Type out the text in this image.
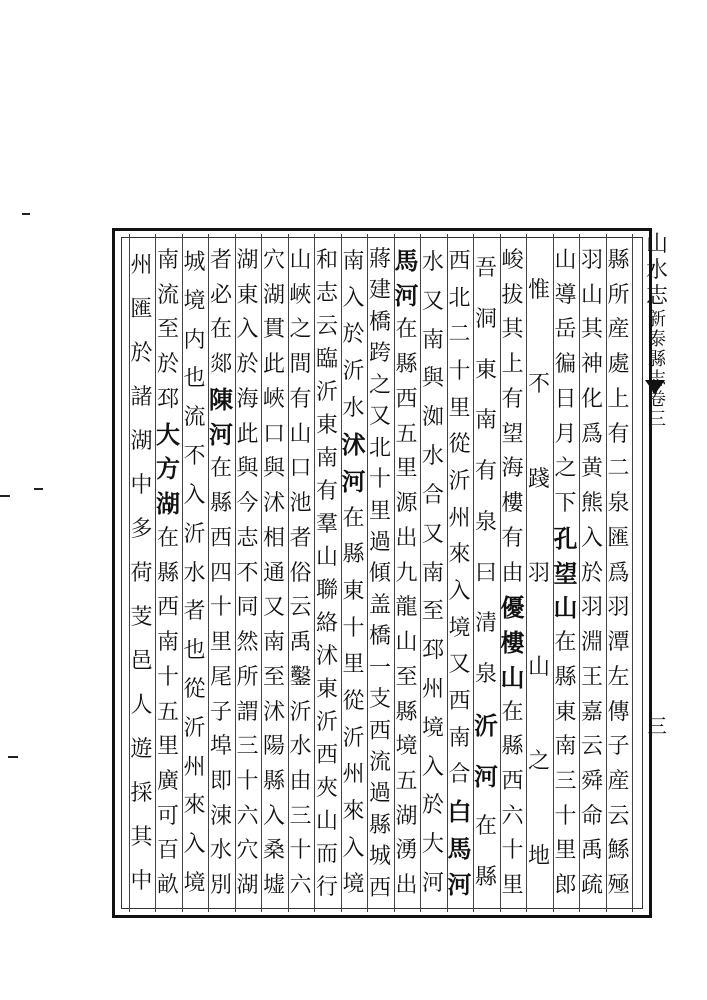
山
水
志
新
泰
縣
志
卷
三
三
縣
所
産
處
上
有
二
泉
匯
爲
羽
潭
左
傳
子
産
云
鯀
殛
羽
山
其
神
化
爲
黄
熊
入
於
羽
淵
王
嘉
云
舜
命
禹
疏
山
導
岳
徧
日
月
之
下
孔
望
山
在
縣
東
南
三
十
里
郎
惟
不
踐
羽
山
之
地
峻
拔
其
上
有
望
海
樓
有
由
優
樓
山
在
縣
西
六
十
里
吾
洞
東
南
有
泉
曰
清
泉
沂
河
在
縣
西
北
二
十
里
從
沂
州
來
入
境
又
西
南
合
白
馬
河
水
又
南
與
洳
水
合
又
南
至
邳
州
境
入
於
大
河
馬
河
在
縣
西
五
里
源
出
九
龍
山
至
縣
境
五
湖
湧
出
蔣
建
橋
跨
之
又
北
十
里
過
傾
盖
橋
一
支
西
流
過
縣
城
西
南
入
於
沂
水
沭
河
在
縣
東
十
里
從
沂
州
來
入
境
和
志
云
臨
沂
東
南
有
羣
山
聯
絡
沭
東
沂
西
夾
山
而
行
山
峽
之
間
有
山
口
池
者
俗
云
禹
鑿
沂
水
由
三
十
六
穴
湖
貫
此
峽
口
與
沭
相
通
又
南
至
沭
陽
縣
入
桑
墟
湖
東
入
於
海
此
與
今
志
不
同
然
所
謂
三
十
六
穴
湖
者
必
在
郯
陳
河
在
縣
西
四
十
里
尾
子
埠
即
涑
水
別
城
境
内
也
流
不
入
沂
水
者
也
從
沂
州
來
入
境
南
流
至
於
邳
大
方
湖
在
縣
西
南
十
五
里
廣
可
百
畝
州
匯
於
諸
湖
中
多
荷
芰
邑
人
遊
採
其
中
